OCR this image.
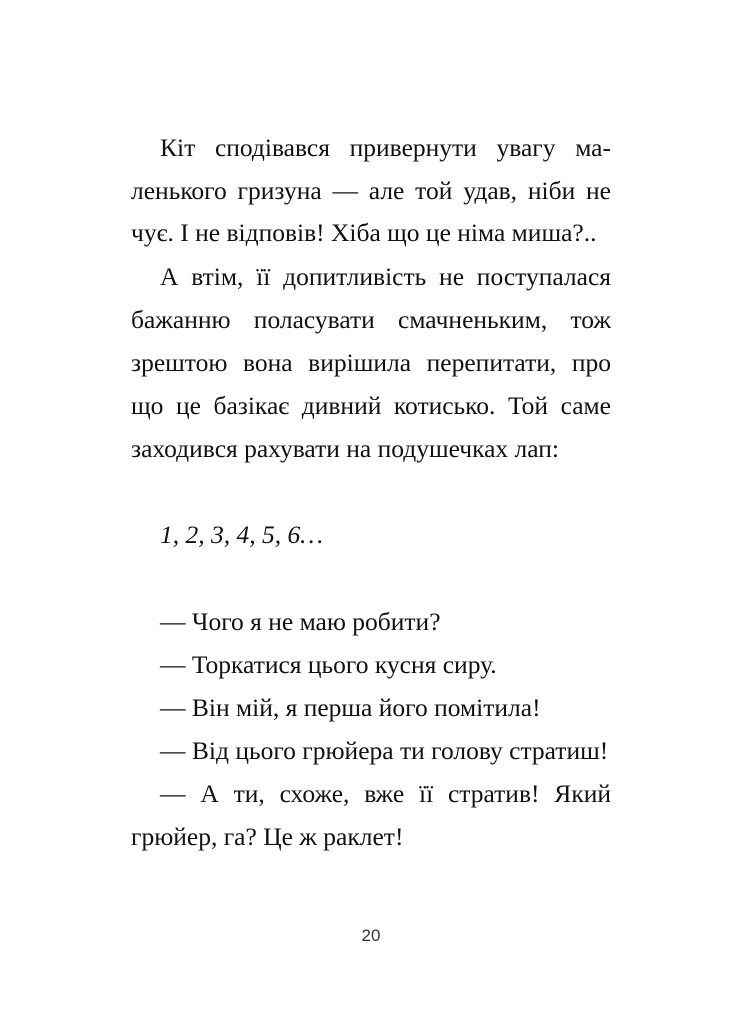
Кіт сподівався привернути увагу ма-
ленького гризуна — але той удав, ніби не
чує. І не відповів! Хіба що це німа миша?..
А втім, її допитливість не поступалася
бажанню поласувати смачненьким, тож
зрештою вона вирішила перепитати, про
що це базікає дивний котисько. Той саме
заходився рахувати на подушечках лап:
1, 2, 3, 4, 5, 6…
— Чого я не маю робити?
— Торкатися цього кусня сиру.
— Він мій, я перша його помітила!
— Від цього грюйера ти голову стратиш!
— А ти, схоже, вже її стратив! Який
грюйер, га? Це ж раклет!
20
